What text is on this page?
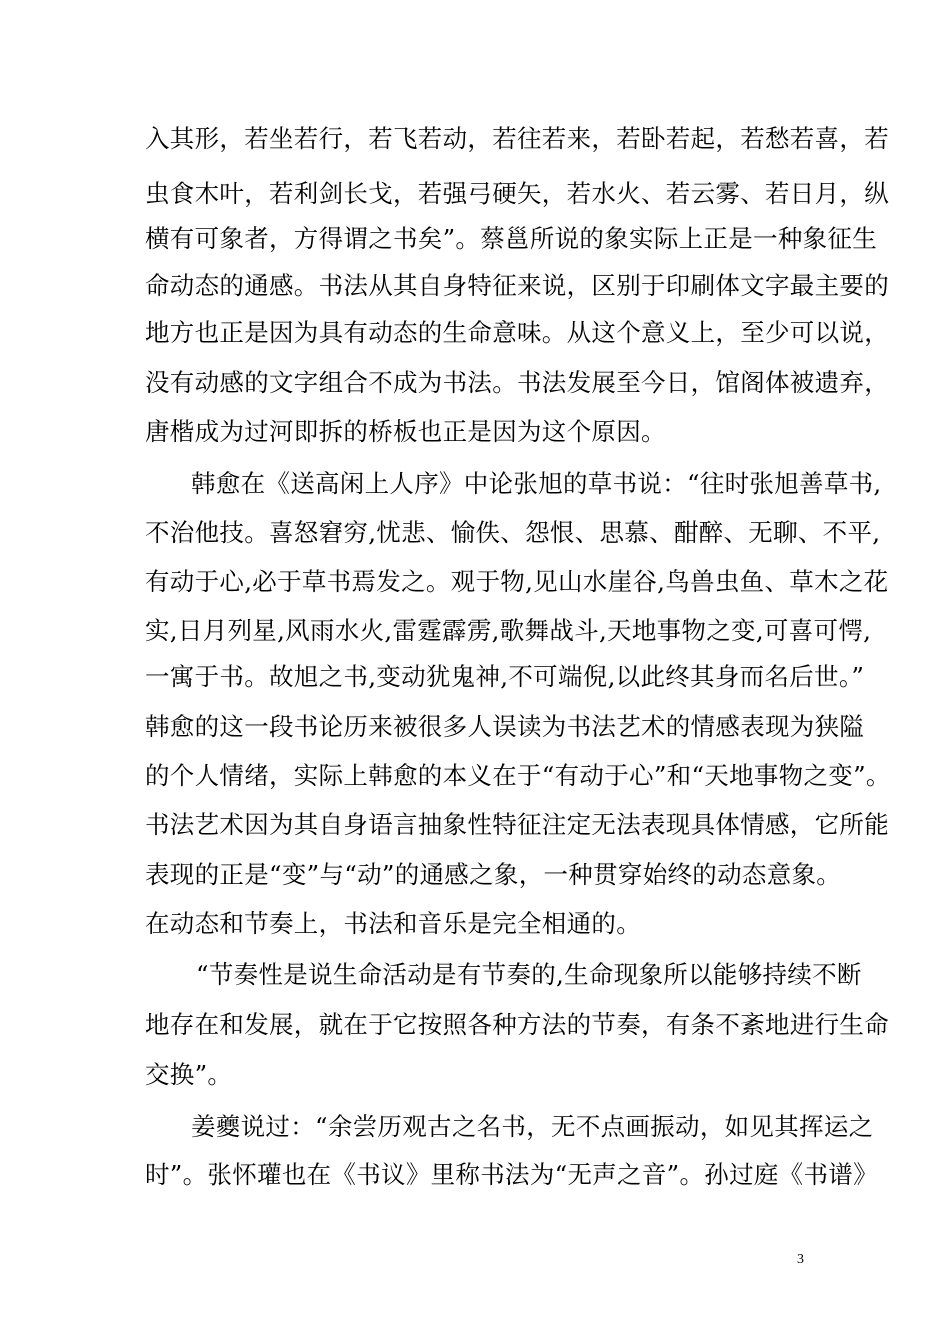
入其形，若坐若行，若飞若动，若往若来，若卧若起，若愁若喜，若
虫食木叶，若利剑长戈，若强弓硬矢，若水火、若云雾、若日月，纵
横有可象者，方得谓之书矣”。蔡邕所说的象实际上正是一种象征生
命动态的通感。书法从其自身特征来说，区别于印刷体文字最主要的
地方也正是因为具有动态的生命意味。从这个意义上，至少可以说，
没有动感的文字组合不成为书法。书法发展至今日，馆阁体被遗弃，
唐楷成为过河即拆的桥板也正是因为这个原因。
韩愈在《送高闲上人序》中论张旭的草书说：“往时张旭善草书,
不治他技。喜怒窘穷,忧悲、愉佚、怨恨、思慕、酣醉、无聊、不平,
有动于心,必于草书焉发之。观于物,见山水崖谷,鸟兽虫鱼、草木之花
实,日月列星,风雨水火,雷霆霹雳,歌舞战斗,天地事物之变,可喜可愕,
一寓于书。故旭之书,变动犹鬼神,不可端倪,以此终其身而名后世。”
韩愈的这一段书论历来被很多人误读为书法艺术的情感表现为狭隘
的个人情绪，实际上韩愈的本义在于“有动于心”和“天地事物之变”。
书法艺术因为其自身语言抽象性特征注定无法表现具体情感，它所能
表现的正是“变”与“动”的通感之象，一种贯穿始终的动态意象。
在动态和节奏上，书法和音乐是完全相通的。
“节奏性是说生命活动是有节奏的,生命现象所以能够持续不断
地存在和发展，就在于它按照各种方法的节奏，有条不紊地进行生命
交换”。
姜夔说过：“余尝历观古之名书，无不点画振动，如见其挥运之
时”。张怀瓘也在《书议》里称书法为“无声之音”。孙过庭《书谱》
3
